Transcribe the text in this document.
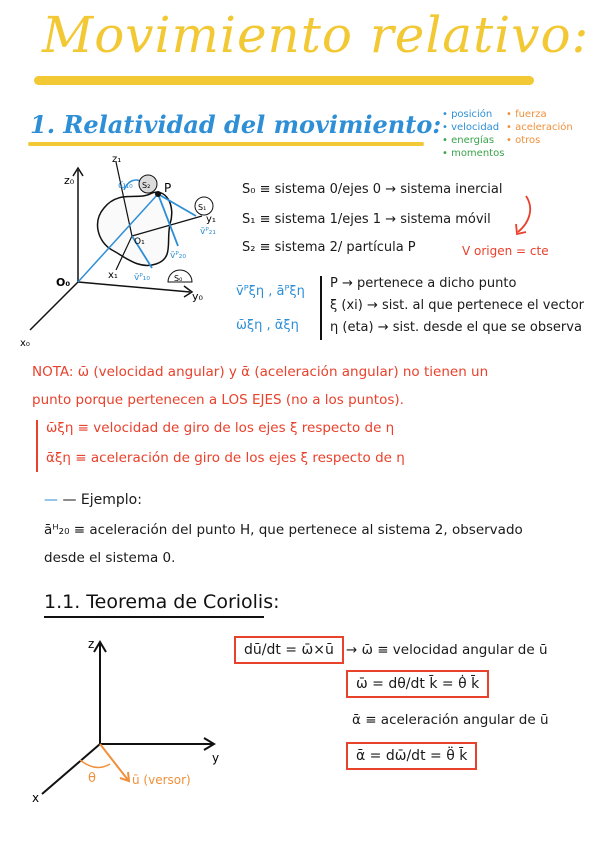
Movimiento relativo:
1. Relatividad del movimiento: • posición
• velocidad
• energías
• momentos
• fuerza
• aceleración
• otros
z₀
y₀
x₀
O₀
z₁
y₁
x₁
O₁
P
S₂
S₁
S₀
ω̄₁₀
v̄ᴾ₂₁
v̄ᴾ₂₀
v̄ᴾ₁₀
S₀ ≡ sistema 0/ejes 0 → sistema inercial
S₁ ≡ sistema 1/ejes 1 → sistema móvil
S₂ ≡ sistema 2/ partícula P	V origen = cte
v̄ᴾξη , āᴾξη
ω̄ξη , ᾱξη
P → pertenece a dicho punto
ξ (xi) → sist. al que pertenece el vector
η (eta) → sist. desde el que se observa
NOTA: ω̄ (velocidad angular) y ᾱ (aceleración angular) no tienen un
punto porque pertenecen a LOS EJES (no a los puntos).
ω̄ξη ≡ velocidad de giro de los ejes ξ respecto de η
ᾱξη ≡ aceleración de giro de los ejes ξ respecto de η
— — Ejemplo:
āᴴ₂₀ ≡ aceleración del punto H, que pertenece al sistema 2, observado
desde el sistema 0.
1.1. Teorema de Coriolis:
z
y
x
θ	ū (versor)
dū/dt = ω̄×ū → ω̄ ≡ velocidad angular de ū
ω̄ = dθ/dt k̄ = θ̇ k̄
ᾱ ≡ aceleración angular de ū
ᾱ = dω̄/dt = θ̈ k̄
